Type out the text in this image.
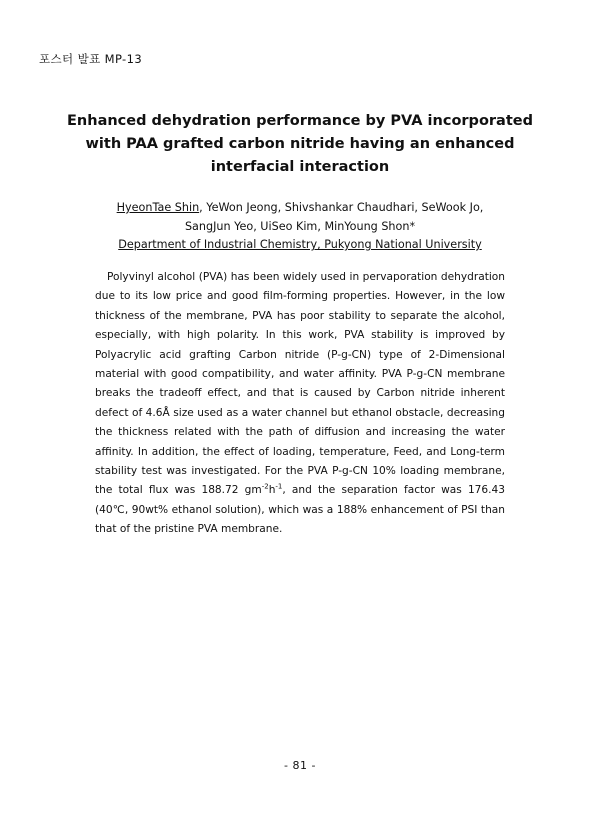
포스터 발표 MP-13
Enhanced dehydration performance by PVA incorporated
with PAA grafted carbon nitride having an enhanced
interfacial interaction
HyeonTae Shin, YeWon Jeong, Shivshankar Chaudhari, SeWook Jo,
SangJun Yeo, UiSeo Kim, MinYoung Shon*
Department of Industrial Chemistry, Pukyong National University
Polyvinyl alcohol (PVA) has been widely used in pervaporation dehydration due to its low price and good film-forming properties. However, in the low thickness of the membrane, PVA has poor stability to separate the alcohol, especially, with high polarity. In this work, PVA stability is improved by Polyacrylic acid grafting Carbon nitride (P-g-CN) type of 2-Dimensional material with good compatibility, and water affinity. PVA P-g-CN membrane breaks the tradeoff effect, and that is caused by Carbon nitride inherent defect of 4.6Å size used as a water channel but ethanol obstacle, decreasing the thickness related with the path of diffusion and increasing the water affinity. In addition, the effect of loading, temperature, Feed, and Long-term stability test was investigated. For the PVA P-g-CN 10% loading membrane, the total flux was 188.72 $gm^{-2}h^{-1}$, and the separation factor was 176.43 (40℃, 90wt% ethanol solution), which was a 188% enhancement of PSI than that of the pristine PVA membrane.
- 81 -
